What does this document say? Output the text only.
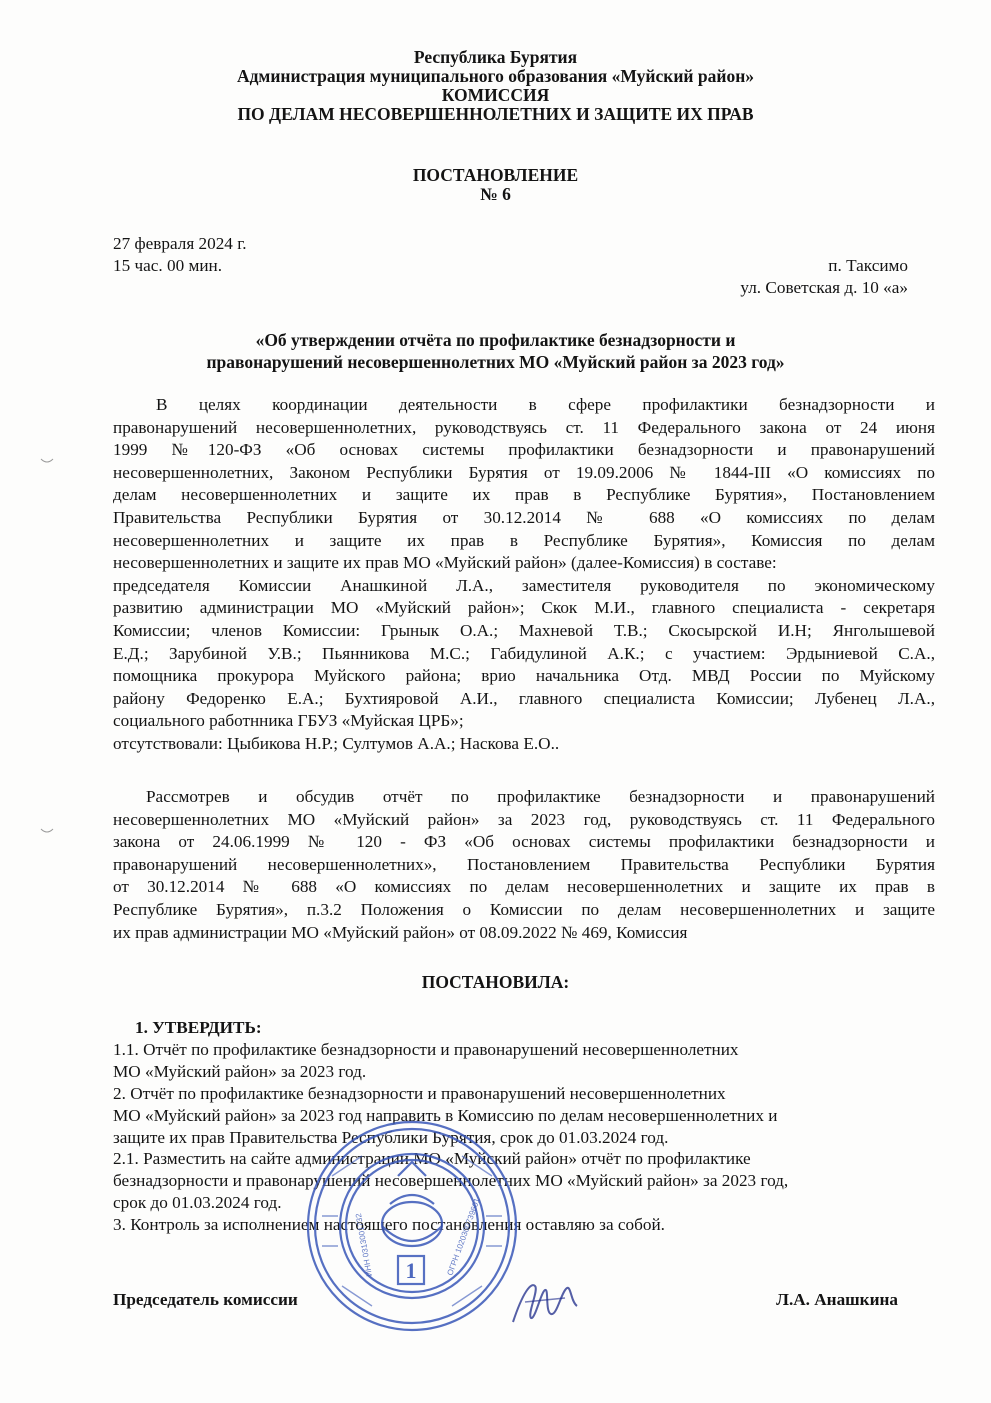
Республика Бурятия
Администрация муниципального образования «Муйский район»
КОМИССИЯ
ПО ДЕЛАМ НЕСОВЕРШЕННОЛЕТНИХ И ЗАЩИТЕ ИХ ПРАВ
ПОСТАНОВЛЕНИЕ
№ 6
27 февраля 2024 г.
15 час. 00 мин.	п. Таксимо
ул. Советская д. 10 «а»
«Об утверждении отчёта по профилактике безнадзорности и
правонарушений несовершеннолетних МО «Муйский район за 2023 год»
В целях координации деятельности в сфере профилактики безнадзорности и
правонарушений несовершеннолетних, руководствуясь ст. 11 Федерального закона от 24 июня
1999 №120-ФЗ «Об основах системы профилактики безнадзорности и правонарушений
несовершеннолетних, Законом Республики Бурятия от 19.09.2006 № 1844-III «О комиссиях по
делам несовершеннолетних и защите их прав в Республике Бурятия», Постановлением
Правительства Республики Бурятия от 30.12.2014 № 688 «О комиссиях по делам
несовершеннолетних и защите их прав в Республике Бурятия», Комиссия по делам
несовершеннолетних и защите их прав МО «Муйский район» (далее-Комиссия) в составе:
председателя Комиссии Анашкиной Л.А., заместителя руководителя по экономическому
развитию администрации МО «Муйский район»; Скок М.И., главного специалиста - секретаря
Комиссии; членов Комиссии: Грынык О.А.; Махневой Т.В.; Скосырской И.Н; Янголышевой
Е.Д.; Зарубиной У.В.; Пьянникова М.С.; Габидулиной А.К.; с участием: Эрдыниевой С.А.,
помощника прокурора Муйского района; врио начальника Отд. МВД России по Муйскому
району Федоренко Е.А.; Бухтияровой А.И., главного специалиста Комиссии; Лубенец Л.А.,
социального работнника ГБУЗ «Муйская ЦРБ»;
отсутствовали: Цыбикова Н.Р.; Султумов А.А.; Наскова Е.О..
Рассмотрев и обсудив отчёт по профилактике безнадзорности и правонарушений
несовершеннолетних МО «Муйский район» за 2023 год, руководствуясь ст. 11 Федерального
закона от 24.06.1999 № 120 - ФЗ «Об основах системы профилактики безнадзорности и
правонарушений несовершеннолетних», Постановлением Правительства Республики Бурятия
от 30.12.2014 № 688 «О комиссиях по делам несовершеннолетних и защите их прав в
Республике Бурятия», п.3.2 Положения о Комиссии по делам несовершеннолетних и защите
их прав администрации МО «Муйский район» от 08.09.2022 № 469, Комиссия
ПОСТАНОВИЛА:
1. УТВЕРДИТЬ:
1.1. Отчёт по профилактике безнадзорности и правонарушений несовершеннолетних
МО «Муйский район» за 2023 год.
2. Отчёт по профилактике безнадзорности и правонарушений несовершеннолетних
МО «Муйский район» за 2023 год направить в Комиссию по делам несовершеннолетних и
защите их прав Правительства Республики Бурятия, срок до 01.03.2024 год.
2.1. Разместить на сайте администрации МО «Муйский район» отчёт по профилактике
безнадзорности и правонарушений несовершеннолетних МО «Муйский район» за 2023 год,
срок до 01.03.2024 год.
3. Контроль за исполнением настоящего постановления оставляю за собой.
Председатель комиссии	Л.А. Анашкина
1	ОГРН 1020300739601
ИНН 0313001732
